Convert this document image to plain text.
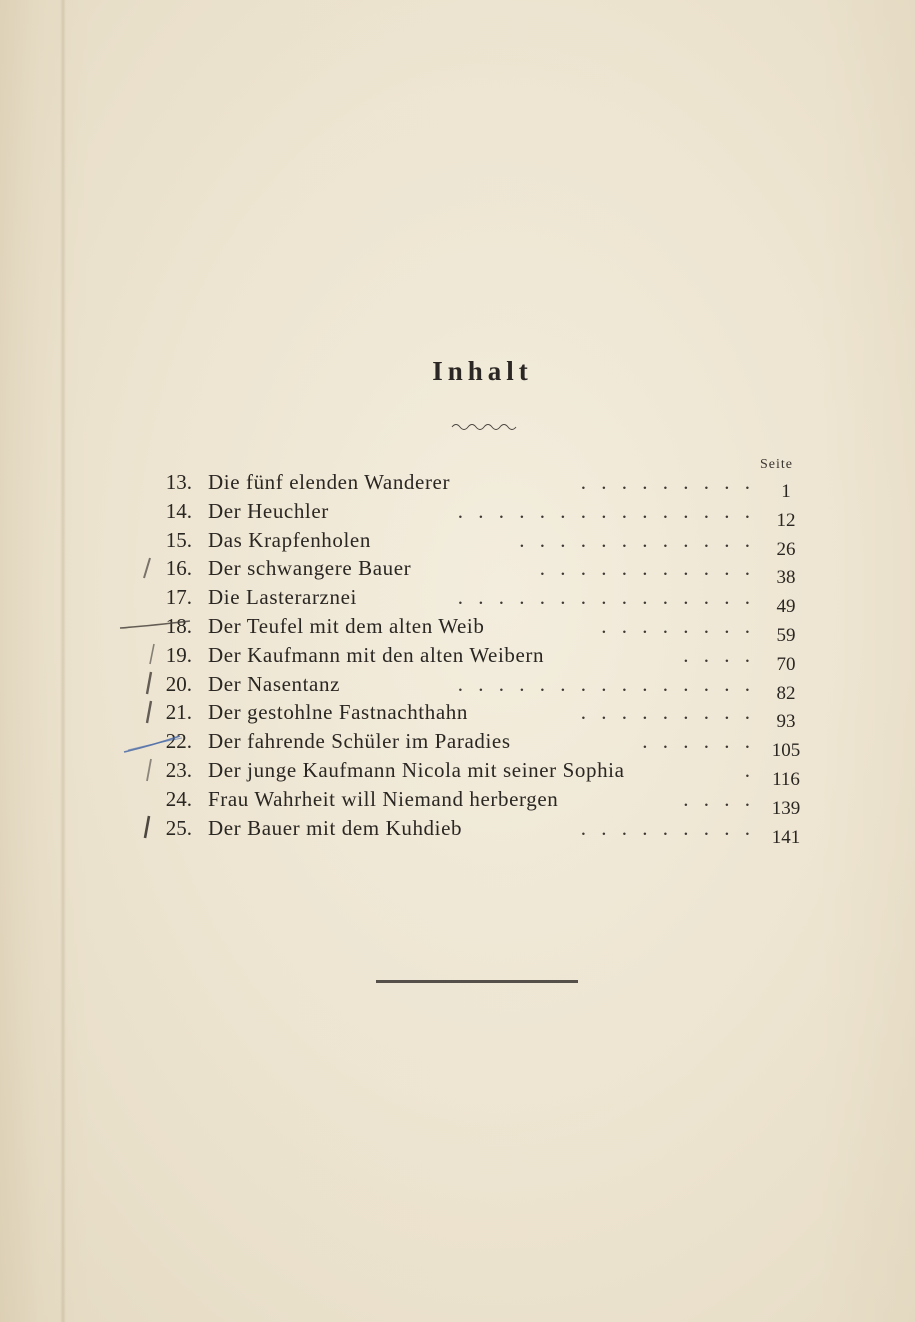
Inhalt
Seite
13. Die fünf elenden Wanderer	. . . . . . . . .	1
14. Der Heuchler	. . . . . . . . . . . . . . .	12
15. Das Krapfenholen	. . . . . . . . . . . .	26
16. Der schwangere Bauer	. . . . . . . . . . .	38
17. Die Lasterarznei	. . . . . . . . . . . . . . .	49
18. Der Teufel mit dem alten Weib	. . . . . . . .	59
19. Der Kaufmann mit den alten Weibern	. . . .	70
20. Der Nasentanz	. . . . . . . . . . . . . . .	82
21. Der gestohlne Fastnachthahn	. . . . . . . . .	93
22. Der fahrende Schüler im Paradies	. . . . . . 105
23. Der junge Kaufmann Nicola mit seiner Sophia	. 116
24. Frau Wahrheit will Niemand herbergen	. . . . 139
25. Der Bauer mit dem Kuhdieb	. . . . . . . . . 141
